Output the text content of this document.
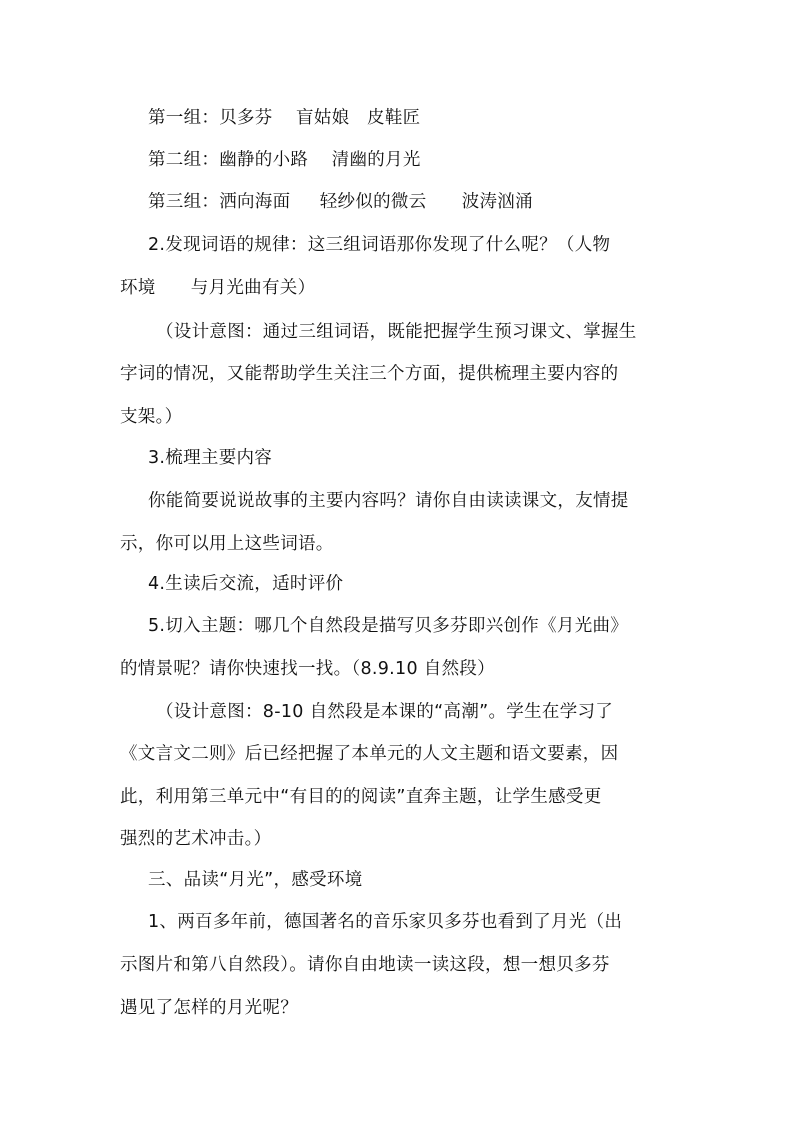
第一组：贝多芬    盲姑娘   皮鞋匠
第二组：幽静的小路    清幽的月光
第三组：洒向海面     轻纱似的微云      波涛汹涌
2.发现词语的规律：这三组词语那你发现了什么呢？（人物
环境      与月光曲有关）
（设计意图：通过三组词语，既能把握学生预习课文、掌握生
字词的情况，又能帮助学生关注三个方面，提供梳理主要内容的
支架。）
3.梳理主要内容
你能简要说说故事的主要内容吗？请你自由读读课文，友情提
示，你可以用上这些词语。
4.生读后交流，适时评价
5.切入主题：哪几个自然段是描写贝多芬即兴创作《月光曲》
的情景呢？请你快速找一找。（8.9.10 自然段）
（设计意图：8-10 自然段是本课的“高潮”。学生在学习了
《文言文二则》后已经把握了本单元的人文主题和语文要素，因
此，利用第三单元中“有目的的阅读”直奔主题，让学生感受更
强烈的艺术冲击。）
三、品读“月光”，感受环境
1、两百多年前，德国著名的音乐家贝多芬也看到了月光（出
示图片和第八自然段）。请你自由地读一读这段，想一想贝多芬
遇见了怎样的月光呢？
